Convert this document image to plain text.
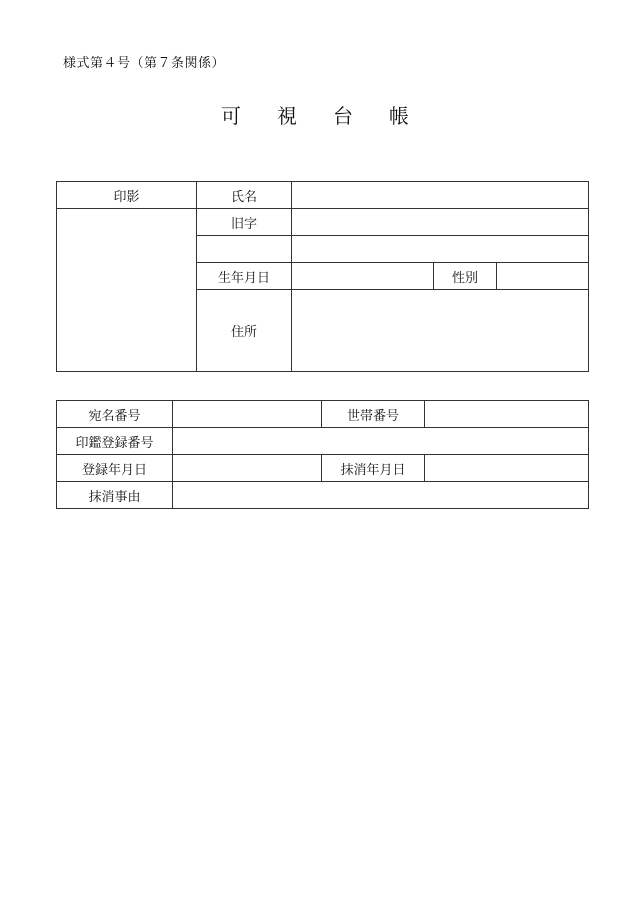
様式第４号（第７条関係）
可 視 台 帳
印影	氏名			
	旧字			

	生年月日		性別	
	住所			
宛名番号		世帯番号	
印鑑登録番号			
登録年月日		抹消年月日	
抹消事由			
